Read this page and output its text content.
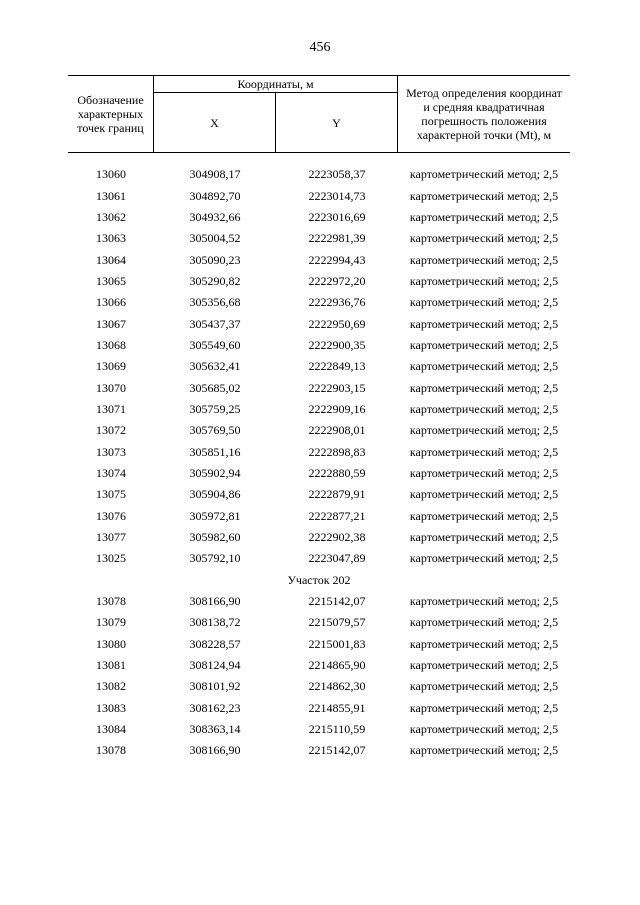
456
Обозначение характерных точек границ
Координаты, м
X	Y
Метод определения координат и средняя квадратичная погрешность положения характерной точки (Mt), м
13060	304908,17	2223058,37	картометрический метод; 2,5
13061	304892,70	2223014,73	картометрический метод; 2,5
13062	304932,66	2223016,69	картометрический метод; 2,5
13063	305004,52	2222981,39	картометрический метод; 2,5
13064	305090,23	2222994,43	картометрический метод; 2,5
13065	305290,82	2222972,20	картометрический метод; 2,5
13066	305356,68	2222936,76	картометрический метод; 2,5
13067	305437,37	2222950,69	картометрический метод; 2,5
13068	305549,60	2222900,35	картометрический метод; 2,5
13069	305632,41	2222849,13	картометрический метод; 2,5
13070	305685,02	2222903,15	картометрический метод; 2,5
13071	305759,25	2222909,16	картометрический метод; 2,5
13072	305769,50	2222908,01	картометрический метод; 2,5
13073	305851,16	2222898,83	картометрический метод; 2,5
13074	305902,94	2222880,59	картометрический метод; 2,5
13075	305904,86	2222879,91	картометрический метод; 2,5
13076	305972,81	2222877,21	картометрический метод; 2,5
13077	305982,60	2222902,38	картометрический метод; 2,5
13025	305792,10	2223047,89	картометрический метод; 2,5
Участок 202
13078	308166,90	2215142,07	картометрический метод; 2,5
13079	308138,72	2215079,57	картометрический метод; 2,5
13080	308228,57	2215001,83	картометрический метод; 2,5
13081	308124,94	2214865,90	картометрический метод; 2,5
13082	308101,92	2214862,30	картометрический метод; 2,5
13083	308162,23	2214855,91	картометрический метод; 2,5
13084	308363,14	2215110,59	картометрический метод; 2,5
13078	308166,90	2215142,07	картометрический метод; 2,5
